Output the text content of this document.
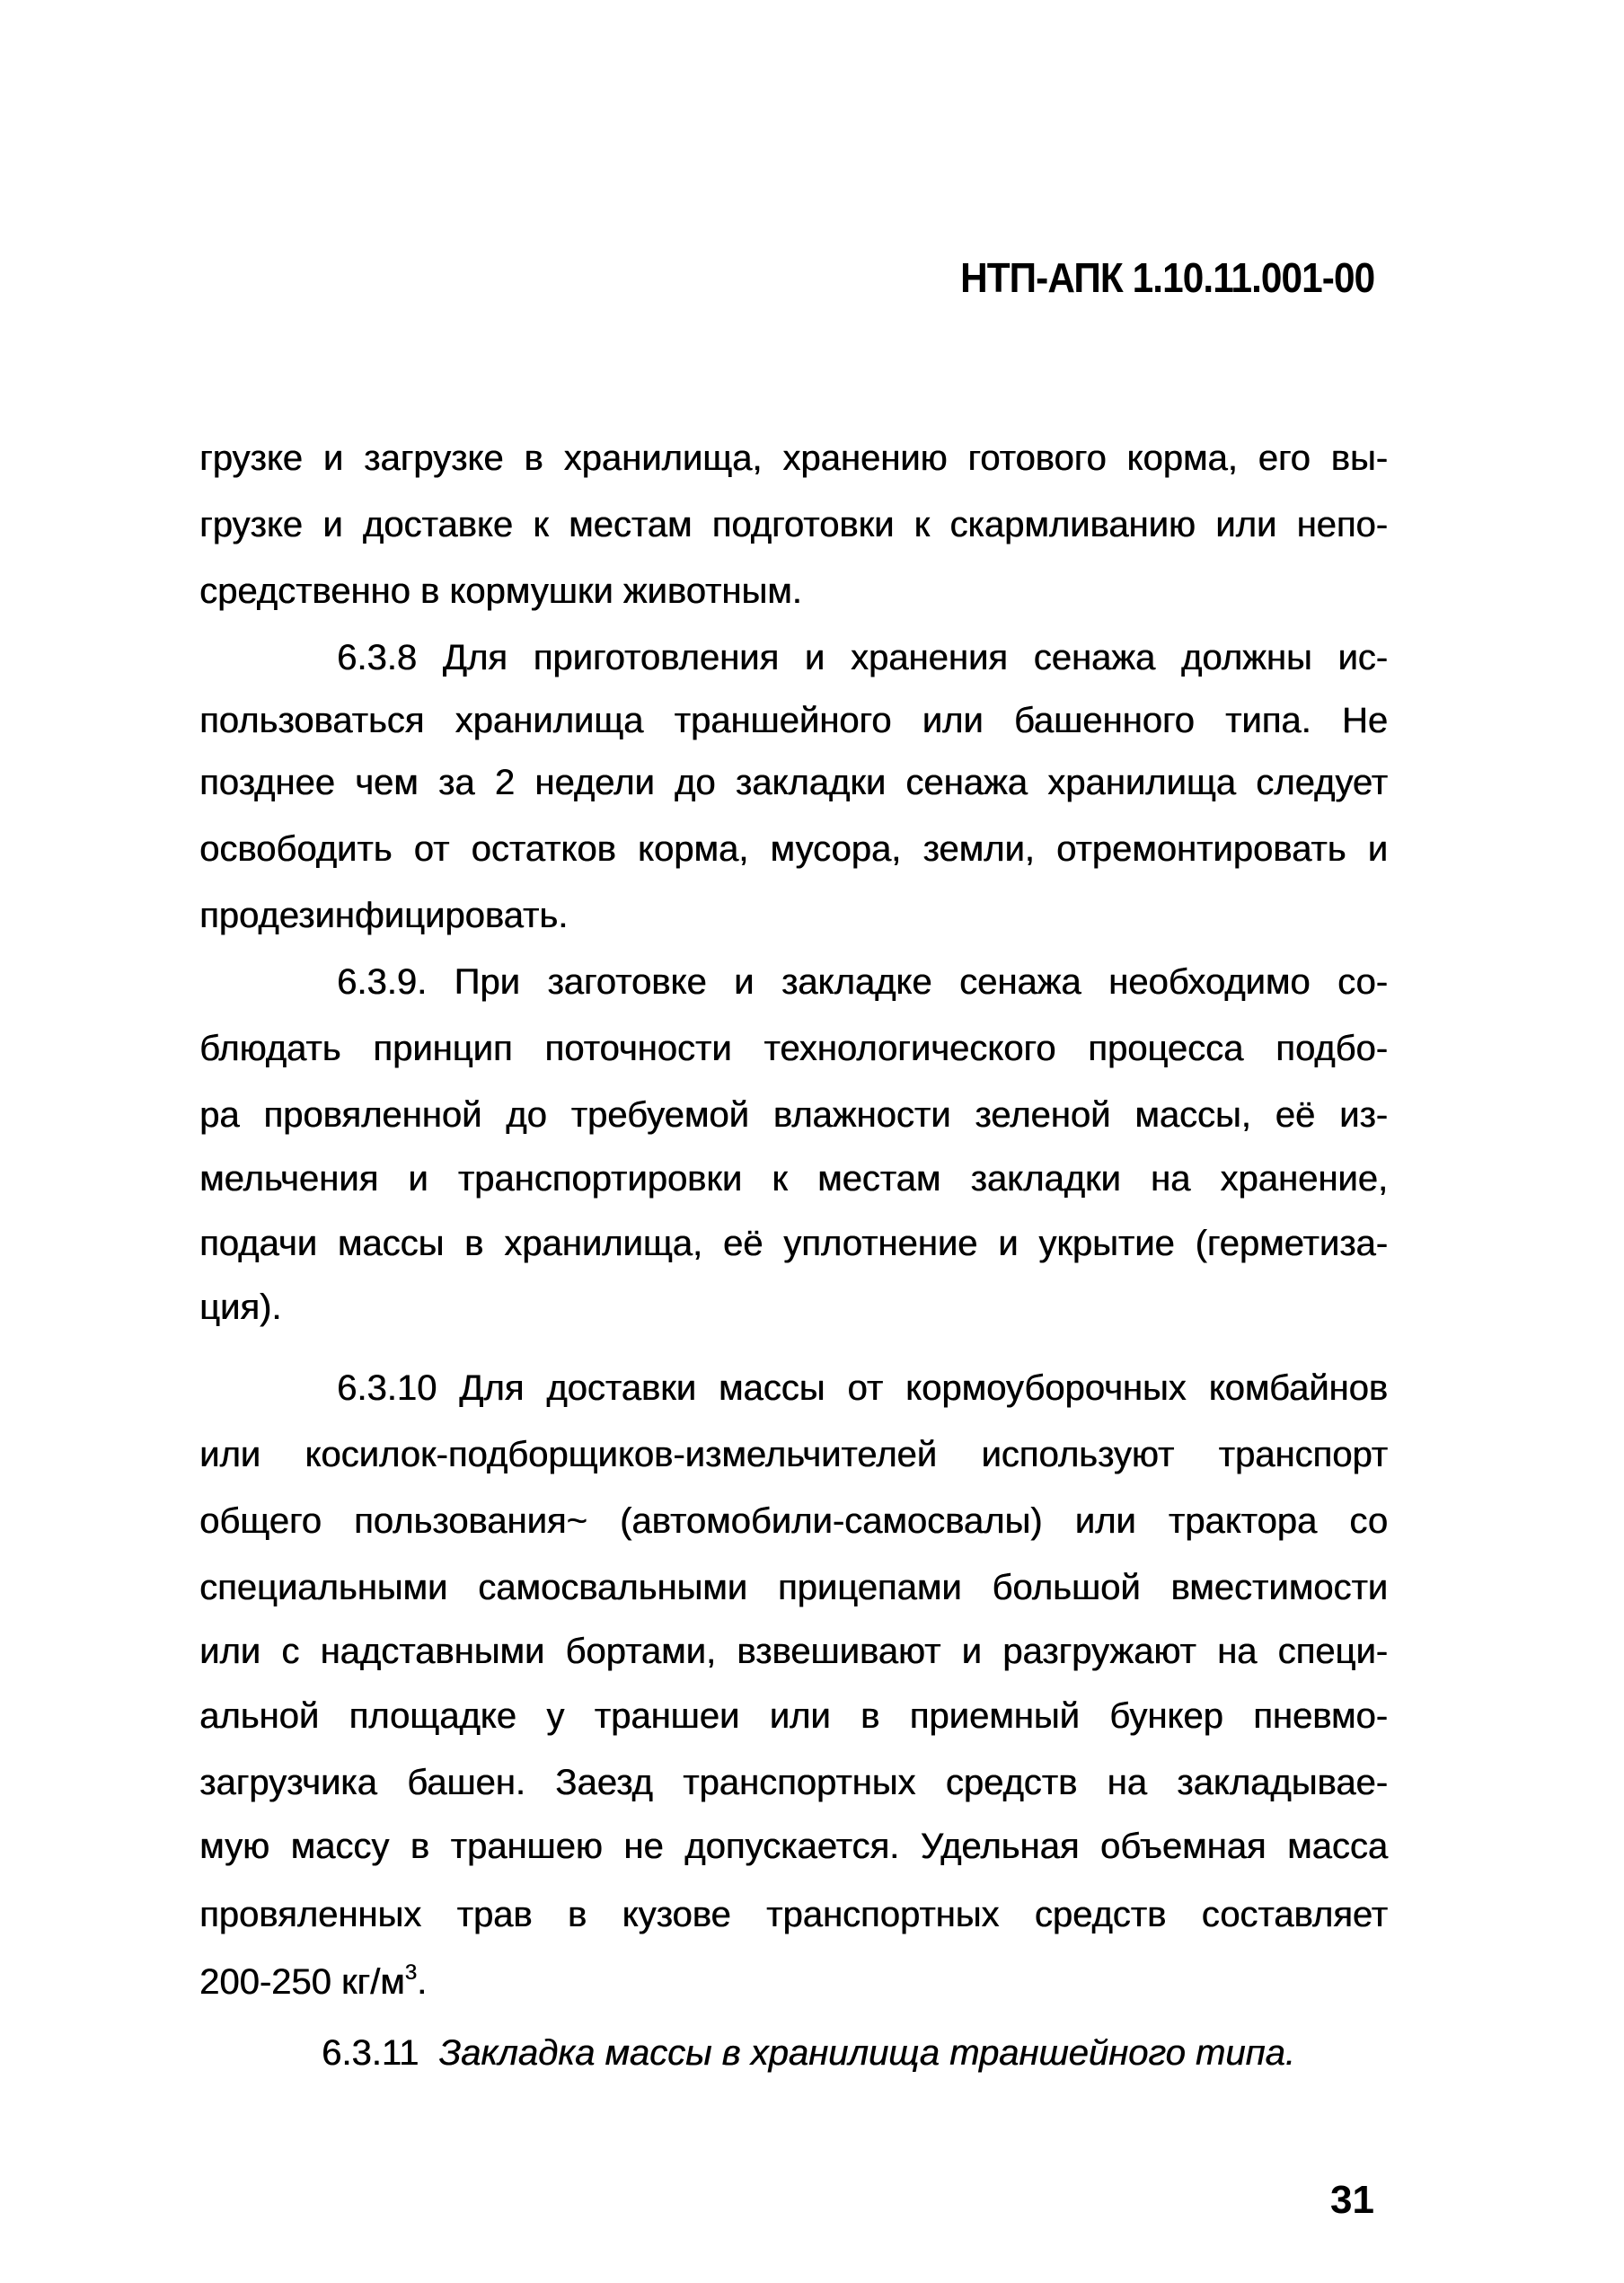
НТП-АПК 1.10.11.001-00
грузке и загрузке в хранилища, хранению готового корма, его вы-
грузке и доставке к местам подготовки к скармливанию или непо-
средственно в кормушки животным.
6.3.8 Для приготовления и хранения сенажа должны ис-
пользоваться хранилища траншейного или башенного типа. Не
позднее чем за 2 недели до закладки сенажа хранилища следует
освободить от остатков корма, мусора, земли, отремонтировать и
продезинфицировать.
6.3.9. При заготовке и закладке сенажа необходимо со-
блюдать принцип поточности технологического процесса подбо-
ра провяленной до требуемой влажности зеленой массы, её из-
мельчения и транспортировки к местам закладки на хранение,
подачи массы в хранилища, её уплотнение и укрытие (герметиза-
ция).
6.3.10 Для доставки массы от кормоуборочных комбайнов
или косилок-подборщиков-измельчителей используют транспорт
общего пользования~ (автомобили-самосвалы) или трактора со
специальными самосвальными прицепами большой вместимости
или с надставными бортами, взвешивают и разгружают на специ-
альной площадке у траншеи или в приемный бункер пневмо-
загрузчика башен. Заезд транспортных средств на закладывае-
мую массу в траншею не допускается. Удельная объемная масса
провяленных трав в кузове транспортных средств составляет
200-250 $кг/м^3$.
6.3.11 Закладка массы в хранилища траншейного типа.
31
